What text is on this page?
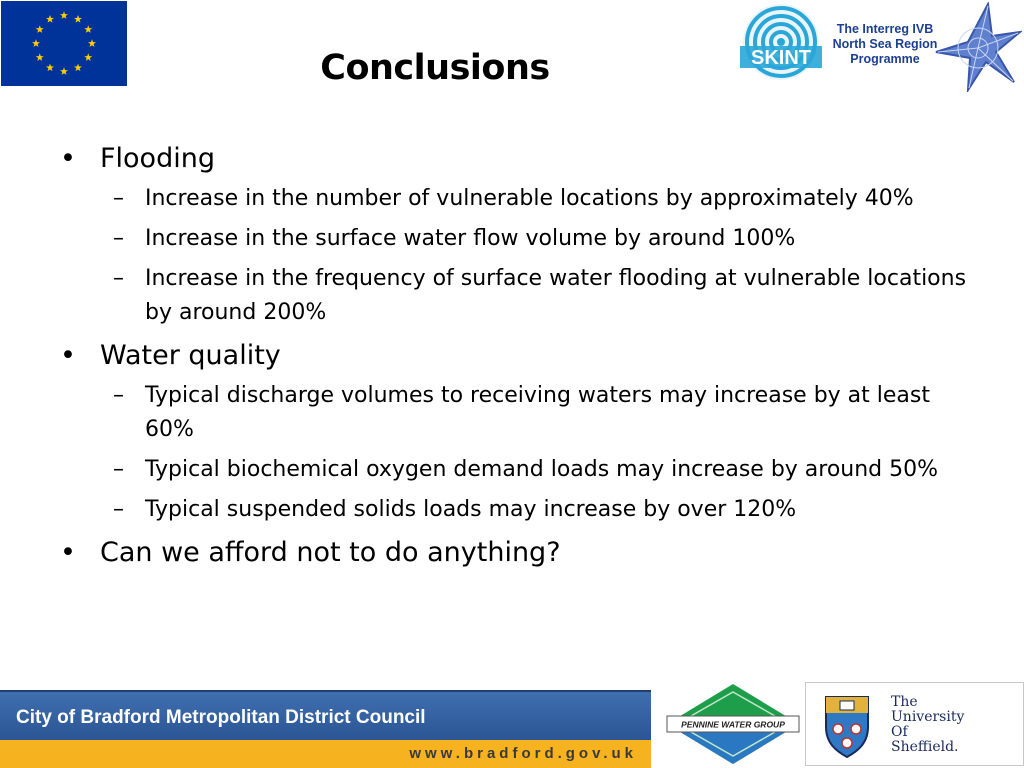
Conclusions	SKINT
The Interreg IVB
North Sea Region
Programme
• Flooding
– Increase in the number of vulnerable locations by approximately 40%
– Increase in the surface water flow volume by around 100%
– Increase in the frequency of surface water flooding at vulnerable locations by around 200%
• Water quality
– Typical discharge volumes to receiving waters may increase by at least 60%
– Typical biochemical oxygen demand loads may increase by around 50%
– Typical suspended solids loads may increase by over 120%
• Can we afford not to do anything?
City of Bradford Metropolitan District Council
www.bradford.gov.uk
PENNINE WATER GROUP
The
University
Of
Sheffield.
